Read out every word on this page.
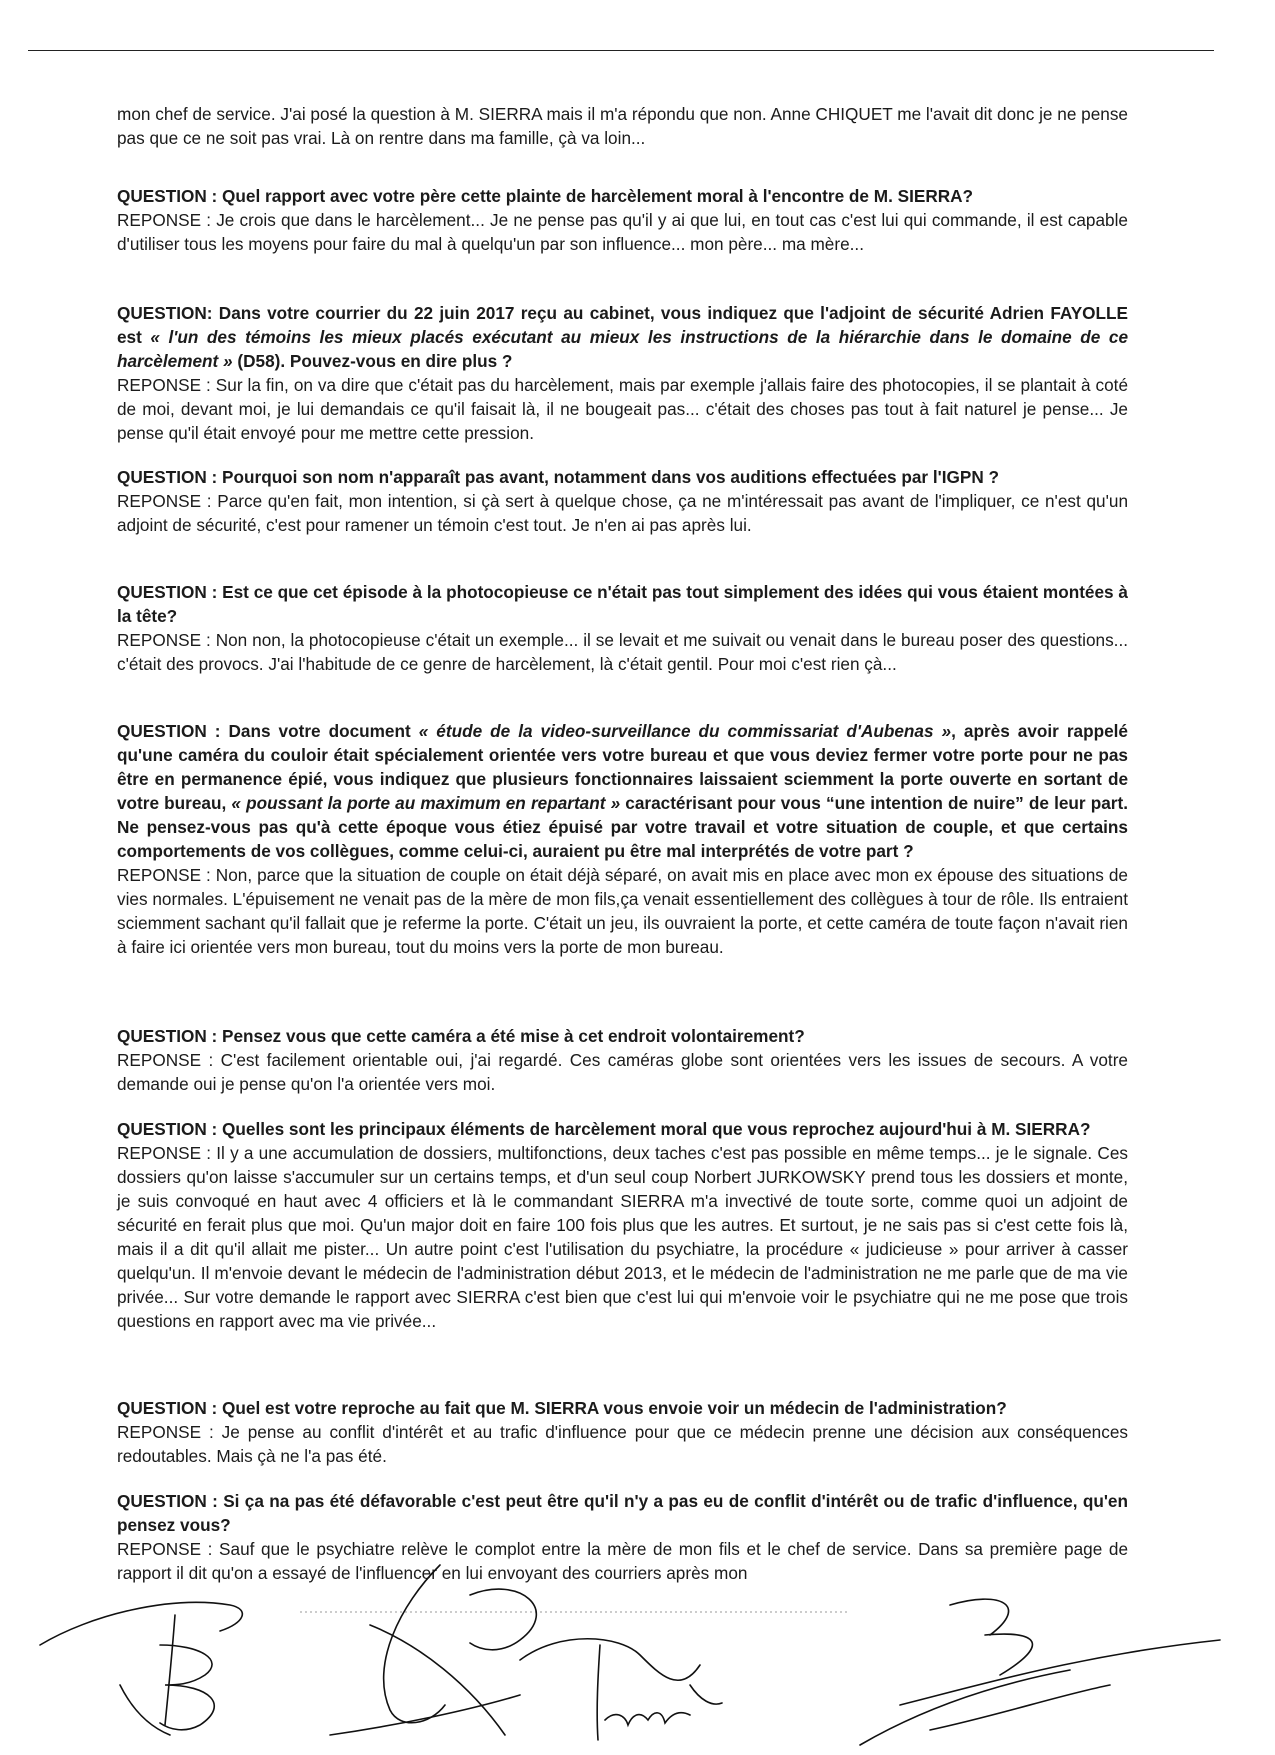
mon chef de service. J'ai posé la question à M. SIERRA mais il m'a répondu que non. Anne CHIQUET me l'avait dit donc je ne pense pas que ce ne soit pas vrai. Là on rentre dans ma famille, çà va loin...
QUESTION : Quel rapport avec votre père cette plainte de harcèlement moral à l'encontre de M. SIERRA?
REPONSE : Je crois que dans le harcèlement... Je ne pense pas qu'il y ai que lui, en tout cas c'est lui qui commande, il est capable d'utiliser tous les moyens pour faire du mal à quelqu'un par son influence... mon père... ma mère...
QUESTION: Dans votre courrier du 22 juin 2017 reçu au cabinet, vous indiquez que l'adjoint de sécurité Adrien FAYOLLE est « l'un des témoins les mieux placés exécutant au mieux les instructions de la hiérarchie dans le domaine de ce harcèlement » (D58). Pouvez-vous en dire plus ?
REPONSE : Sur la fin, on va dire que c'était pas du harcèlement, mais par exemple j'allais faire des photocopies, il se plantait à coté de moi, devant moi, je lui demandais ce qu'il faisait là, il ne bougeait pas... c'était des choses pas tout à fait naturel je pense... Je pense qu'il était envoyé pour me mettre cette pression.
QUESTION : Pourquoi son nom n'apparaît pas avant, notamment dans vos auditions effectuées par l'IGPN ?
REPONSE : Parce qu'en fait, mon intention, si çà sert à quelque chose, ça ne m'intéressait pas avant de l'impliquer, ce n'est qu'un adjoint de sécurité, c'est pour ramener un témoin c'est tout. Je n'en ai pas après lui.
QUESTION : Est ce que cet épisode à la photocopieuse ce n'était pas tout simplement des idées qui vous étaient montées à la tête?
REPONSE : Non non, la photocopieuse c'était un exemple... il se levait et me suivait ou venait dans le bureau poser des questions... c'était des provocs. J'ai l'habitude de ce genre de harcèlement, là c'était gentil. Pour moi c'est rien çà...
QUESTION : Dans votre document « étude de la video-surveillance du commissariat d'Aubenas », après avoir rappelé qu'une caméra du couloir était spécialement orientée vers votre bureau et que vous deviez fermer votre porte pour ne pas être en permanence épié, vous indiquez que plusieurs fonctionnaires laissaient sciemment la porte ouverte en sortant de votre bureau, « poussant la porte au maximum en repartant » caractérisant pour vous “une intention de nuire” de leur part. Ne pensez-vous pas qu'à cette époque vous étiez épuisé par votre travail et votre situation de couple, et que certains comportements de vos collègues, comme celui-ci, auraient pu être mal interprétés de votre part ?
REPONSE : Non, parce que la situation de couple on était déjà séparé, on avait mis en place avec mon ex épouse des situations de vies normales. L'épuisement ne venait pas de la mère de mon fils,ça venait essentiellement des collègues à tour de rôle. Ils entraient sciemment sachant qu'il fallait que je referme la porte. C'était un jeu, ils ouvraient la porte, et cette caméra de toute façon n'avait rien à faire ici orientée vers mon bureau, tout du moins vers la porte de mon bureau.
QUESTION : Pensez vous que cette caméra a été mise à cet endroit volontairement?
REPONSE : C'est facilement orientable oui, j'ai regardé. Ces caméras globe sont orientées vers les issues de secours. A votre demande oui je pense qu'on l'a orientée vers moi.
QUESTION : Quelles sont les principaux éléments de harcèlement moral que vous reprochez aujourd'hui à M. SIERRA?
REPONSE : Il y a une accumulation de dossiers, multifonctions, deux taches c'est pas possible en même temps... je le signale. Ces dossiers qu'on laisse s'accumuler sur un certains temps, et d'un seul coup Norbert JURKOWSKY prend tous les dossiers et monte, je suis convoqué en haut avec 4 officiers et là le commandant SIERRA m'a invectivé de toute sorte, comme quoi un adjoint de sécurité en ferait plus que moi. Qu'un major doit en faire 100 fois plus que les autres. Et surtout, je ne sais pas si c'est cette fois là, mais il a dit qu'il allait me pister... Un autre point c'est l'utilisation du psychiatre, la procédure « judicieuse » pour arriver à casser quelqu'un. Il m'envoie devant le médecin de l'administration début 2013, et le médecin de l'administration ne me parle que de ma vie privée... Sur votre demande le rapport avec SIERRA c'est bien que c'est lui qui m'envoie voir le psychiatre qui ne me pose que trois questions en rapport avec ma vie privée...
QUESTION : Quel est votre reproche au fait que M. SIERRA vous envoie voir un médecin de l'administration?
REPONSE : Je pense au conflit d'intérêt et au trafic d'influence pour que ce médecin prenne une décision aux conséquences redoutables. Mais çà ne l'a pas été.
QUESTION : Si ça na pas été défavorable c'est peut être qu'il n'y a pas eu de conflit d'intérêt ou de trafic d'influence, qu'en pensez vous?
REPONSE : Sauf que le psychiatre relève le complot entre la mère de mon fils et le chef de service. Dans sa première page de rapport il dit qu'on a essayé de l'influencer en lui envoyant des courriers après mon
